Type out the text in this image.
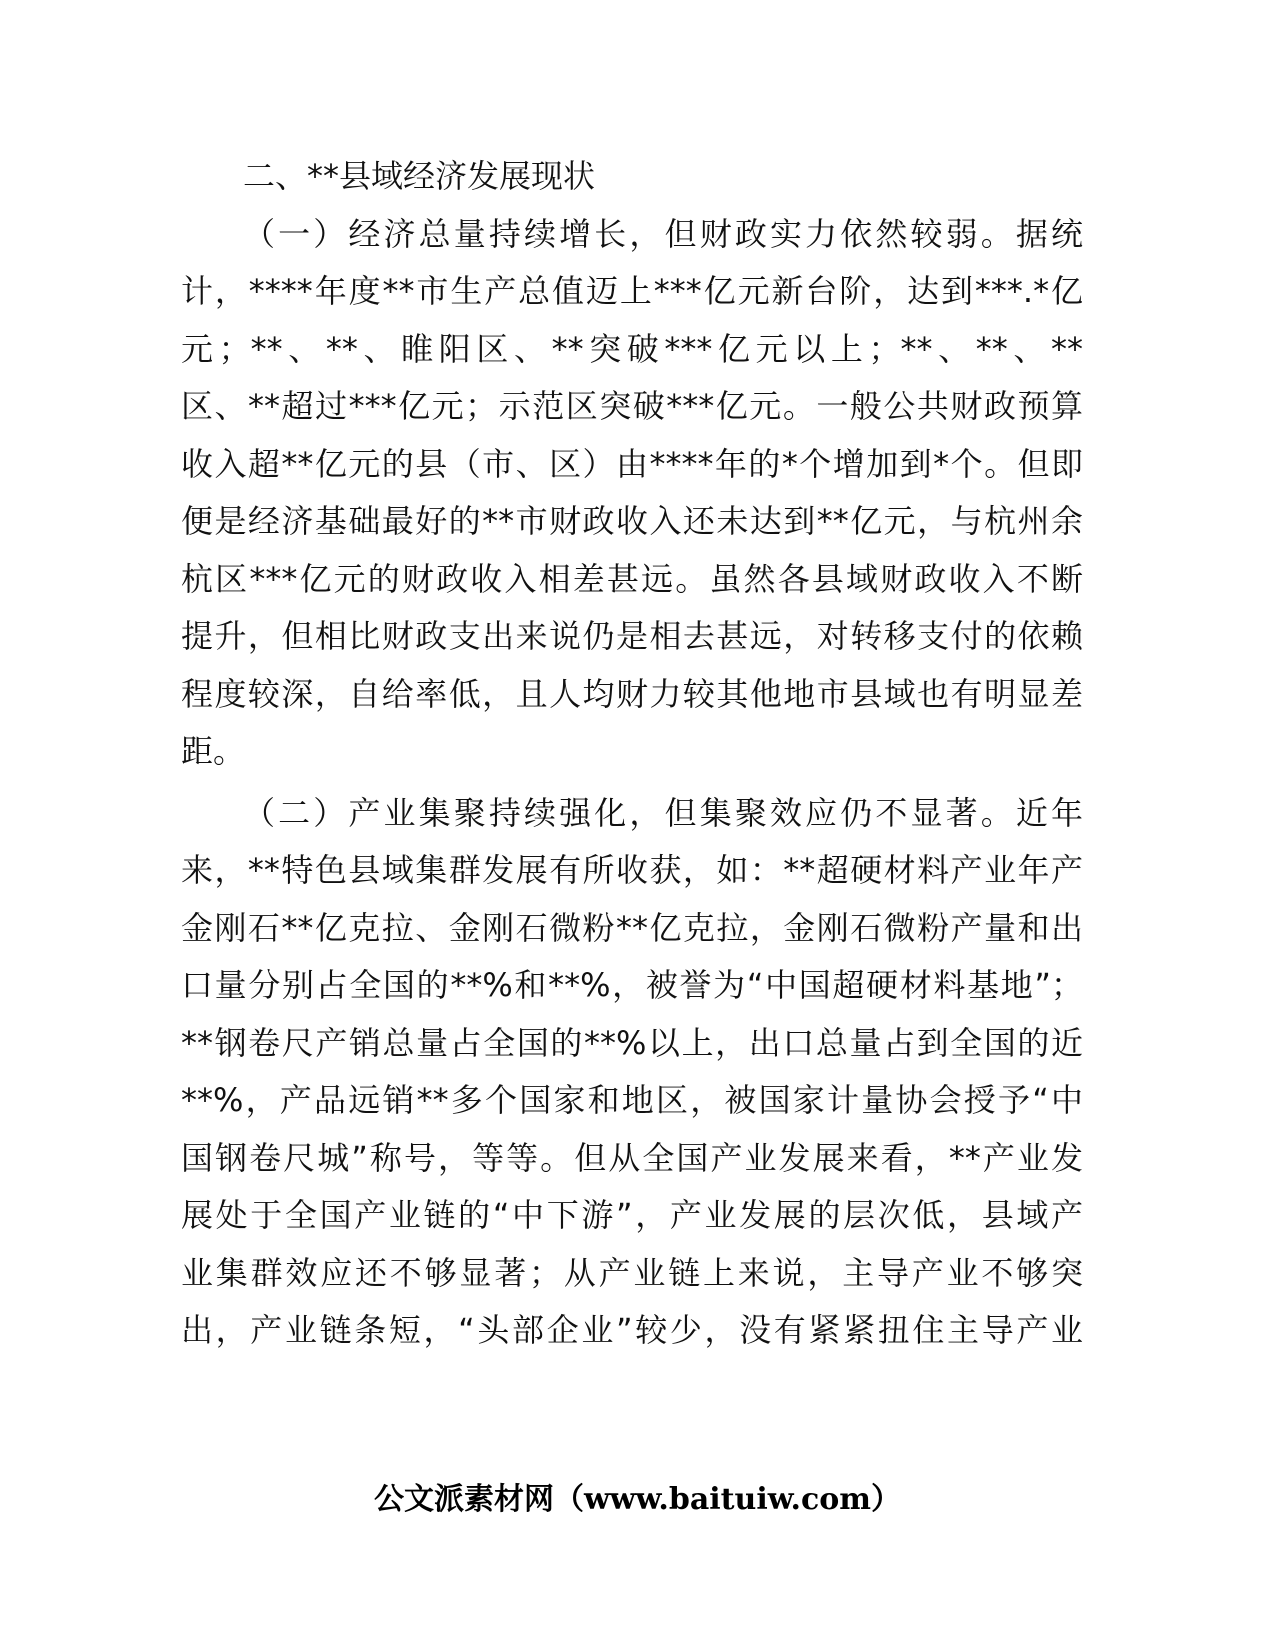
二、**县域经济发展现状
（一）经济总量持续增长，但财政实力依然较弱。据统
计，****年度**市生产总值迈上***亿元新台阶，达到***.*亿
元；**、**、睢阳区、**突破***亿元以上；**、**、**
区、**超过***亿元；示范区突破***亿元。一般公共财政预算
收入超**亿元的县（市、区）由****年的*个增加到*个。但即
便是经济基础最好的**市财政收入还未达到**亿元，与杭州余
杭区***亿元的财政收入相差甚远。虽然各县域财政收入不断
提升，但相比财政支出来说仍是相去甚远，对转移支付的依赖
程度较深，自给率低，且人均财力较其他地市县域也有明显差
距。
（二）产业集聚持续强化，但集聚效应仍不显著。近年
来，**特色县域集群发展有所收获，如：**超硬材料产业年产
金刚石**亿克拉、金刚石微粉**亿克拉，金刚石微粉产量和出
口量分别占全国的**%和**%，被誉为“中国超硬材料基地”；
**钢卷尺产销总量占全国的**%以上，出口总量占到全国的近
**%，产品远销**多个国家和地区，被国家计量协会授予“中
国钢卷尺城”称号，等等。但从全国产业发展来看，**产业发
展处于全国产业链的“中下游”，产业发展的层次低，县域产
业集群效应还不够显著；从产业链上来说，主导产业不够突
出，产业链条短，“头部企业”较少，没有紧紧扭住主导产业
公文派素材网（www.baituiw.com）
